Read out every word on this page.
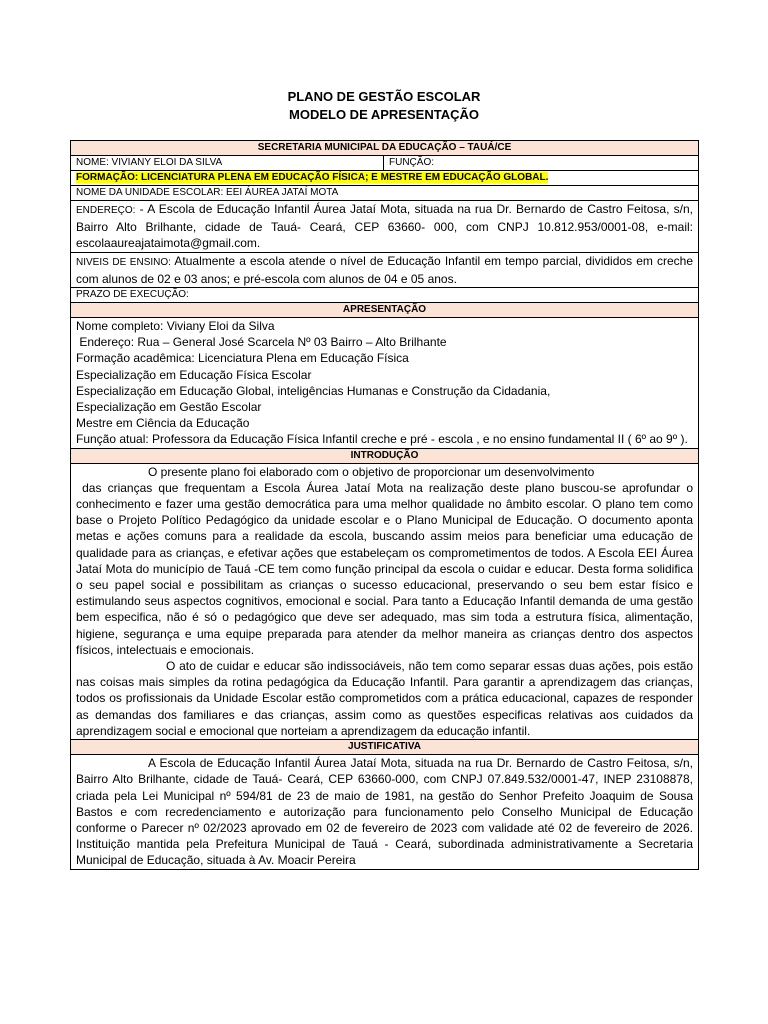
PLANO DE GESTÃO ESCOLAR
MODELO DE APRESENTAÇÃO
SECRETARIA MUNICIPAL DA EDUCAÇÃO – TAUÁ/CE
NOME: VIVIANY ELOI DA SILVA	FUNÇÃO:
FORMAÇÃO: LICENCIATURA PLENA EM EDUCAÇÃO FÍSICA; E MESTRE EM EDUCAÇÃO GLOBAL.
NOME DA UNIDADE ESCOLAR: EEI ÁUREA JATAÍ MOTA

ENDEREÇO: - A Escola de Educação Infantil Áurea Jataí Mota, situada na rua Dr. Bernardo de Castro Feitosa, s/n, Bairro Alto Brilhante, cidade de Tauá- Ceará, CEP 63660- 000, com CNPJ 10.812.953/0001-08, e-mail: escolaaureajataimota@gmail.com.

NIVEIS DE ENSINO: Atualmente a escola atende o nível de Educação Infantil em tempo parcial, divididos em creche com alunos de 02 e 03 anos; e pré-escola com alunos de 04 e 05 anos.

PRAZO DE EXECUÇÃO:
APRESENTAÇÃO

Nome completo: Viviany Eloi da Silva
Endereço: Rua – General José Scarcela Nº 03 Bairro – Alto Brilhante
Formação acadêmica: Licenciatura Plena em Educação Física
Especialização em Educação Física Escolar
Especialização em Educação Global, inteligências Humanas e Construção da Cidadania,
Especialização em Gestão Escolar
Mestre em Ciência da Educação
Função atual: Professora da Educação Física Infantil creche e pré - escola , e no ensino fundamental II ( 6º ao 9º ).

INTRODUÇÃO

O presente plano foi elaborado com o objetivo de proporcionar um desenvolvimento

das crianças que frequentam a Escola Áurea Jataí Mota na realização deste plano buscou-se aprofundar o conhecimento e fazer uma gestão democrática para uma melhor qualidade no âmbito escolar. O plano tem como base o Projeto Político Pedagógico da unidade escolar e o Plano Municipal de Educação. O documento aponta metas e ações comuns para a realidade da escola, buscando assim meios para beneficiar uma educação de qualidade para as crianças, e efetivar ações que estabeleçam os comprometimentos de todos. A Escola EEI Áurea Jataí Mota do município de Tauá -CE tem como função principal da escola o cuidar e educar. Desta forma solidifica o seu papel social e possibilitam as crianças o sucesso educacional, preservando o seu bem estar físico e estimulando seus aspectos cognitivos, emocional e social. Para tanto a Educação Infantil demanda de uma gestão bem especifica, não é só o pedagógico que deve ser adequado, mas sim toda a estrutura física, alimentação, higiene, segurança e uma equipe preparada para atender da melhor maneira as crianças dentro dos aspectos físicos, intelectuais e emocionais.

O ato de cuidar e educar são indissociáveis, não tem como separar essas duas ações, pois estão nas coisas mais simples da rotina pedagógica da Educação Infantil. Para garantir a aprendizagem das crianças, todos os profissionais da Unidade Escolar estão comprometidos com a prática educacional, capazes de responder as demandas dos familiares e das crianças, assim como as questões especificas relativas aos cuidados da aprendizagem social e emocional que norteiam a aprendizagem da educação infantil.

JUSTIFICATIVA

A Escola de Educação Infantil Áurea Jataí Mota, situada na rua Dr. Bernardo de Castro Feitosa, s/n, Bairro Alto Brilhante, cidade de Tauá- Ceará, CEP 63660-000, com CNPJ 07.849.532/0001-47, INEP 23108878, criada pela Lei Municipal nº 594/81 de 23 de maio de 1981, na gestão do Senhor Prefeito Joaquim de Sousa Bastos e com recredenciamento e autorização para funcionamento pelo Conselho Municipal de Educação conforme o Parecer nº 02/2023 aprovado em 02 de fevereiro de 2023 com validade até 02 de fevereiro de 2026. Instituição mantida pela Prefeitura Municipal de Tauá - Ceará, subordinada administrativamente a Secretaria Municipal de Educação, situada à Av. Moacir Pereira
